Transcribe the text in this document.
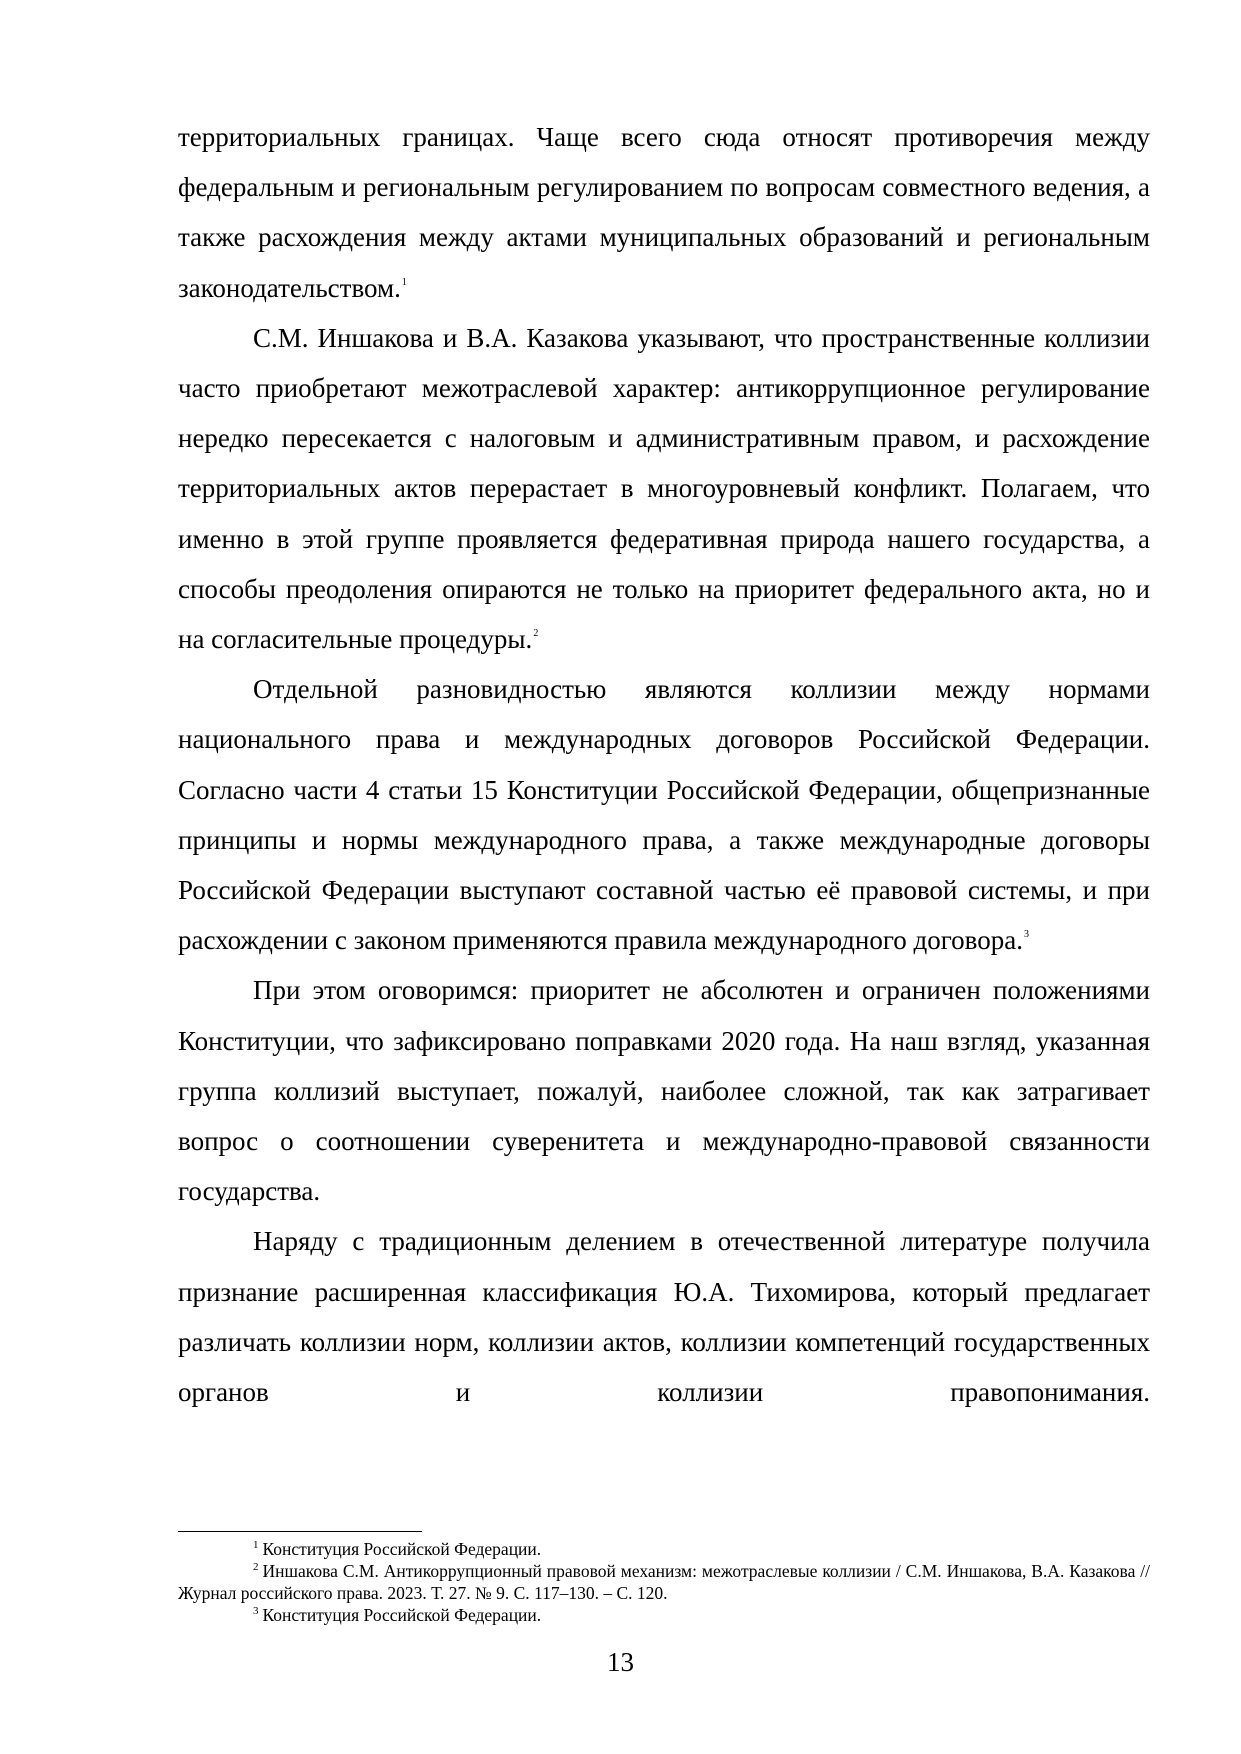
территориальных границах. Чаще всего сюда относят противоречия между федеральным и региональным регулированием по вопросам совместного ведения, а также расхождения между актами муниципальных образований и региональным законодательством.$^1$

С.М. Иншакова и В.А. Казакова указывают, что пространственные коллизии часто приобретают межотраслевой характер: антикоррупционное регулирование нередко пересекается с налоговым и административным правом, и расхождение территориальных актов перерастает в многоуровневый конфликт. Полагаем, что именно в этой группе проявляется федеративная природа нашего государства, а способы преодоления опираются не только на приоритет федерального акта, но и на согласительные процедуры.$^2$

Отдельной разновидностью являются коллизии между нормами национального права и международных договоров Российской Федерации. Согласно части 4 статьи 15 Конституции Российской Федерации, общепризнанные принципы и нормы международного права, а также международные договоры Российской Федерации выступают составной частью её правовой системы, и при расхождении с законом применяются правила международного договора.$^3$

При этом оговоримся: приоритет не абсолютен и ограничен положениями Конституции, что зафиксировано поправками 2020 года. На наш взгляд, указанная группа коллизий выступает, пожалуй, наиболее сложной, так как затрагивает вопрос о соотношении суверенитета и международно-правовой связанности государства.

Наряду с традиционным делением в отечественной литературе получила признание расширенная классификация Ю.А. Тихомирова, который предлагает различать коллизии норм, коллизии актов, коллизии компетенций государственных органов и коллизии правопонимания.

$^1$ Конституция Российской Федерации.

$^2$ Иншакова С.М. Антикоррупционный правовой механизм: межотраслевые коллизии / С.М. Иншакова, В.А. Казакова // Журнал российского права. 2023. Т. 27. № 9. С. 117–130. – С. 120.

$^3$ Конституция Российской Федерации.

13
